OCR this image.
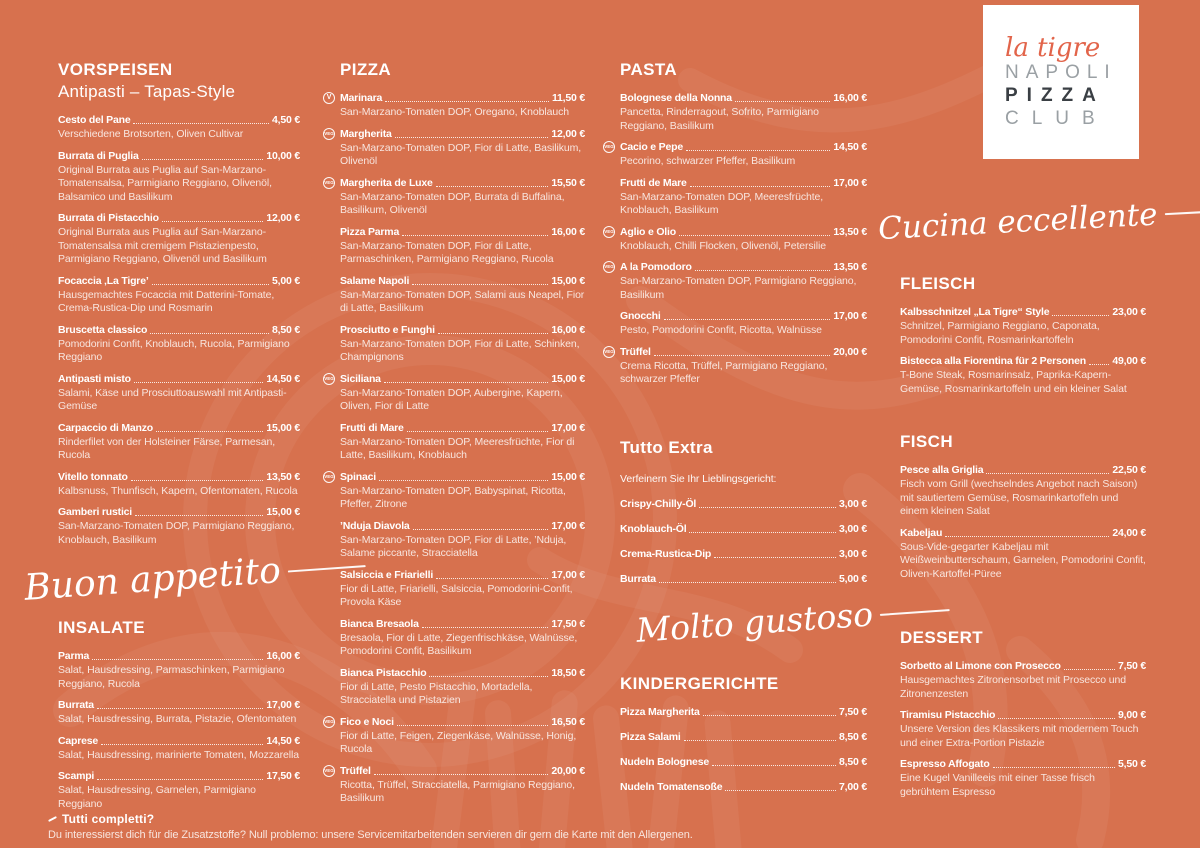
VORSPEISEN
Antipasti – Tapas-Style
Cesto del Pane	4,50 €
Verschiedene Brotsorten, Oliven Cultivar
Burrata di Puglia	10,00 €
Original Burrata aus Puglia auf San-Marzano-Tomatensalsa, Parmigiano Reggiano, Olivenöl, Balsamico und Basilikum
Burrata di Pistacchio	12,00 €
Original Burrata aus Puglia auf San-Marzano-Tomatensalsa mit cremigem Pistazienpesto, Parmigiano Reggiano, Olivenöl und Basilikum
Focaccia ‚La Tigre’	5,00 €
Hausgemachtes Focaccia mit Datterini-Tomate, Crema-Rustica-Dip und Rosmarin
Bruscetta classico	8,50 €
Pomodorini Confit, Knoblauch, Rucola, Parmigiano Reggiano
Antipasti misto	14,50 €
Salami, Käse und Prosciuttoauswahl mit Antipasti-Gemüse
Carpaccio di Manzo	15,00 €
Rinderfilet von der Holsteiner Färse, Parmesan, Rucola
Vitello tonnato	13,50 €
Kalbsnuss, Thunfisch, Kapern, Ofentomaten, Rucola
Gamberi rustici	15,00 €
San-Marzano-Tomaten DOP, Parmigiano Reggiano, Knoblauch, Basilikum
Buon appetito
INSALATE
Parma	16,00 €
Salat, Hausdressing, Parmaschinken, Parmigiano Reggiano, Rucola
Burrata	17,00 €
Salat, Hausdressing, Burrata, Pistazie, Ofentomaten
Caprese	14,50 €
Salat, Hausdressing, marinierte Tomaten, Mozzarella
Scampi	17,50 €
Salat, Hausdressing, Garnelen, Parmigiano Reggiano
PIZZA
V Marinara	11,50 €
San-Marzano-Tomaten DOP, Oregano, Knoblauch
VEG Margherita	12,00 €
San-Marzano-Tomaten DOP, Fior di Latte, Basilikum, Olivenöl
VEG Margherita de Luxe	15,50 €
San-Marzano-Tomaten DOP, Burrata di Buffalina, Basilikum, Olivenöl
Pizza Parma	16,00 €
San-Marzano-Tomaten DOP, Fior di Latte, Parmaschinken, Parmigiano Reggiano, Rucola
Salame Napoli	15,00 €
San-Marzano-Tomaten DOP, Salami aus Neapel, Fior di Latte, Basilikum
Prosciutto e Funghi	16,00 €
San-Marzano-Tomaten DOP, Fior di Latte, Schinken, Champignons
VEG Siciliana	15,00 €
San-Marzano-Tomaten DOP, Aubergine, Kapern, Oliven, Fior di Latte
Frutti di Mare	17,00 €
San-Marzano-Tomaten DOP, Meeresfrüchte, Fior di Latte, Basilikum, Knoblauch
VEG Spinaci	15,00 €
San-Marzano-Tomaten DOP, Babyspinat, Ricotta, Pfeffer, Zitrone
’Nduja Diavola	17,00 €
San-Marzano-Tomaten DOP, Fior di Latte, ’Nduja, Salame piccante, Stracciatella
Salsiccia e Friarielli	17,00 €
Fior di Latte, Friarielli, Salsiccia, Pomodorini-Confit, Provola Käse
Bianca Bresaola	17,50 €
Bresaola, Fior di Latte, Ziegenfrischkäse, Walnüsse, Pomodorini Confit, Basilikum
Bianca Pistacchio	18,50 €
Fior di Latte, Pesto Pistacchio, Mortadella, Stracciatella und Pistazien
VEG Fico e Noci	16,50 €
Fior di Latte, Feigen, Ziegenkäse, Walnüsse, Honig, Rucola
VEG Trüffel	20,00 €
Ricotta, Trüffel, Stracciatella, Parmigiano Reggiano, Basilikum
PASTA
Bolognese della Nonna	16,00 €
Pancetta, Rinderragout, Sofrito, Parmigiano Reggiano, Basilikum
VEG Cacio e Pepe	14,50 €
Pecorino, schwarzer Pfeffer, Basilikum
Frutti de Mare	17,00 €
San-Marzano-Tomaten DOP, Meeresfrüchte, Knoblauch, Basilikum
VEG Aglio e Olio	13,50 €
Knoblauch, Chilli Flocken, Olivenöl, Petersilie
VEG A la Pomodoro	13,50 €
San-Marzano-Tomaten DOP, Parmigiano Reggiano, Basilikum
Gnocchi	17,00 €
Pesto, Pomodorini Confit, Ricotta, Walnüsse
VEG Trüffel	20,00 €
Crema Ricotta, Trüffel, Parmigiano Reggiano, schwarzer Pfeffer
Tutto Extra
Verfeinern Sie Ihr Lieblingsgericht:
Crispy-Chilly-Öl	3,00 €
Knoblauch-Öl	3,00 €
Crema-Rustica-Dip	3,00 €
Burrata	5,00 €
Molto gustoso
KINDERGERICHTE
Pizza Margherita	7,50 €
Pizza Salami	8,50 €
Nudeln Bolognese	8,50 €
Nudeln Tomatensoße	7,00 €
la tigre
NAPOLI
PIZZA
CLUB
Cucina eccellente
FLEISCH
Kalbsschnitzel „La Tigre“ Style	23,00 €
Schnitzel, Parmigiano Reggiano, Caponata, Pomodorini Confit, Rosmarinkartoffeln
Bistecca alla Fiorentina für 2 Personen	49,00 €
T-Bone Steak, Rosmarinsalz, Paprika-Kapern-Gemüse, Rosmarinkartoffeln und ein kleiner Salat
FISCH
Pesce alla Griglia	22,50 €
Fisch vom Grill (wechselndes Angebot nach Saison) mit sautiertem Gemüse, Rosmarinkartoffeln und einem kleinen Salat
Kabeljau	24,00 €
Sous-Vide-gegarter Kabeljau mit Weißweinbutterschaum, Garnelen, Pomodorini Confit, Oliven-Kartoffel-Püree
DESSERT
Sorbetto al Limone con Prosecco	7,50 €
Hausgemachtes Zitronensorbet mit Prosecco und Zitronenzesten
Tiramisu Pistacchio	9,00 €
Unsere Version des Klassikers mit modernem Touch und einer Extra-Portion Pistazie
Espresso Affogato	5,50 €
Eine Kugel Vanilleeis mit einer Tasse frisch gebrühtem Espresso
Tutti completti?
Du interessierst dich für die Zusatzstoffe? Null problemo: unsere Servicemitarbeitenden servieren dir gern die Karte mit den Allergenen.
